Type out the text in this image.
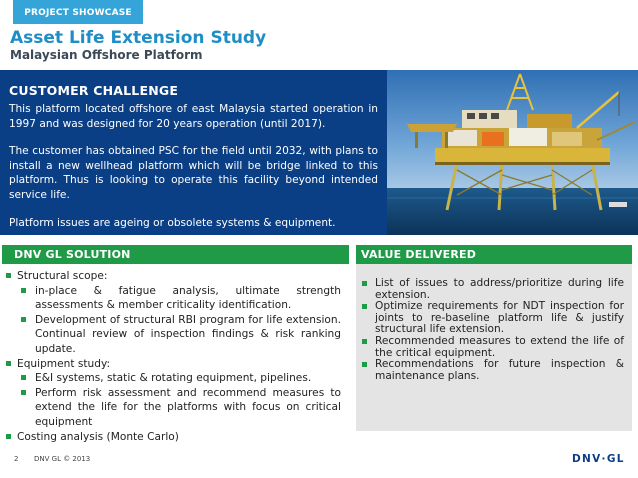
PROJECT SHOWCASE
Asset Life Extension Study
Malaysian Offshore Platform
CUSTOMER CHALLENGE

This platform located offshore of east Malaysia started operation in 1997 and was designed for 20 years operation (until 2017).

The customer has obtained PSC for the field until 2032, with plans to install a new wellhead platform which will be bridge linked to this platform. Thus is looking to operate this facility beyond intended service life.

Platform issues are ageing or obsolete systems & equipment.

DNV GL SOLUTION	VALUE DELIVERED
Structural scope:
in-place & fatigue analysis, ultimate strength assessments & member criticality identification.
Development of structural RBI program for life extension. Continual review of inspection findings & risk ranking update.
Equipment study:
E&I systems, static & rotating equipment, pipelines.
Perform risk assessment and recommend measures to extend the life for the platforms with focus on critical equipment
Costing analysis (Monte Carlo)
List of issues to address/prioritize during life extension.
Optimize requirements for NDT inspection for joints to re-baseline platform life & justify structural life extension.
Recommended measures to extend the life of the critical equipment.
Recommendations for future inspection & maintenance plans.
2 DNV GL © 2013	DNV·GL
